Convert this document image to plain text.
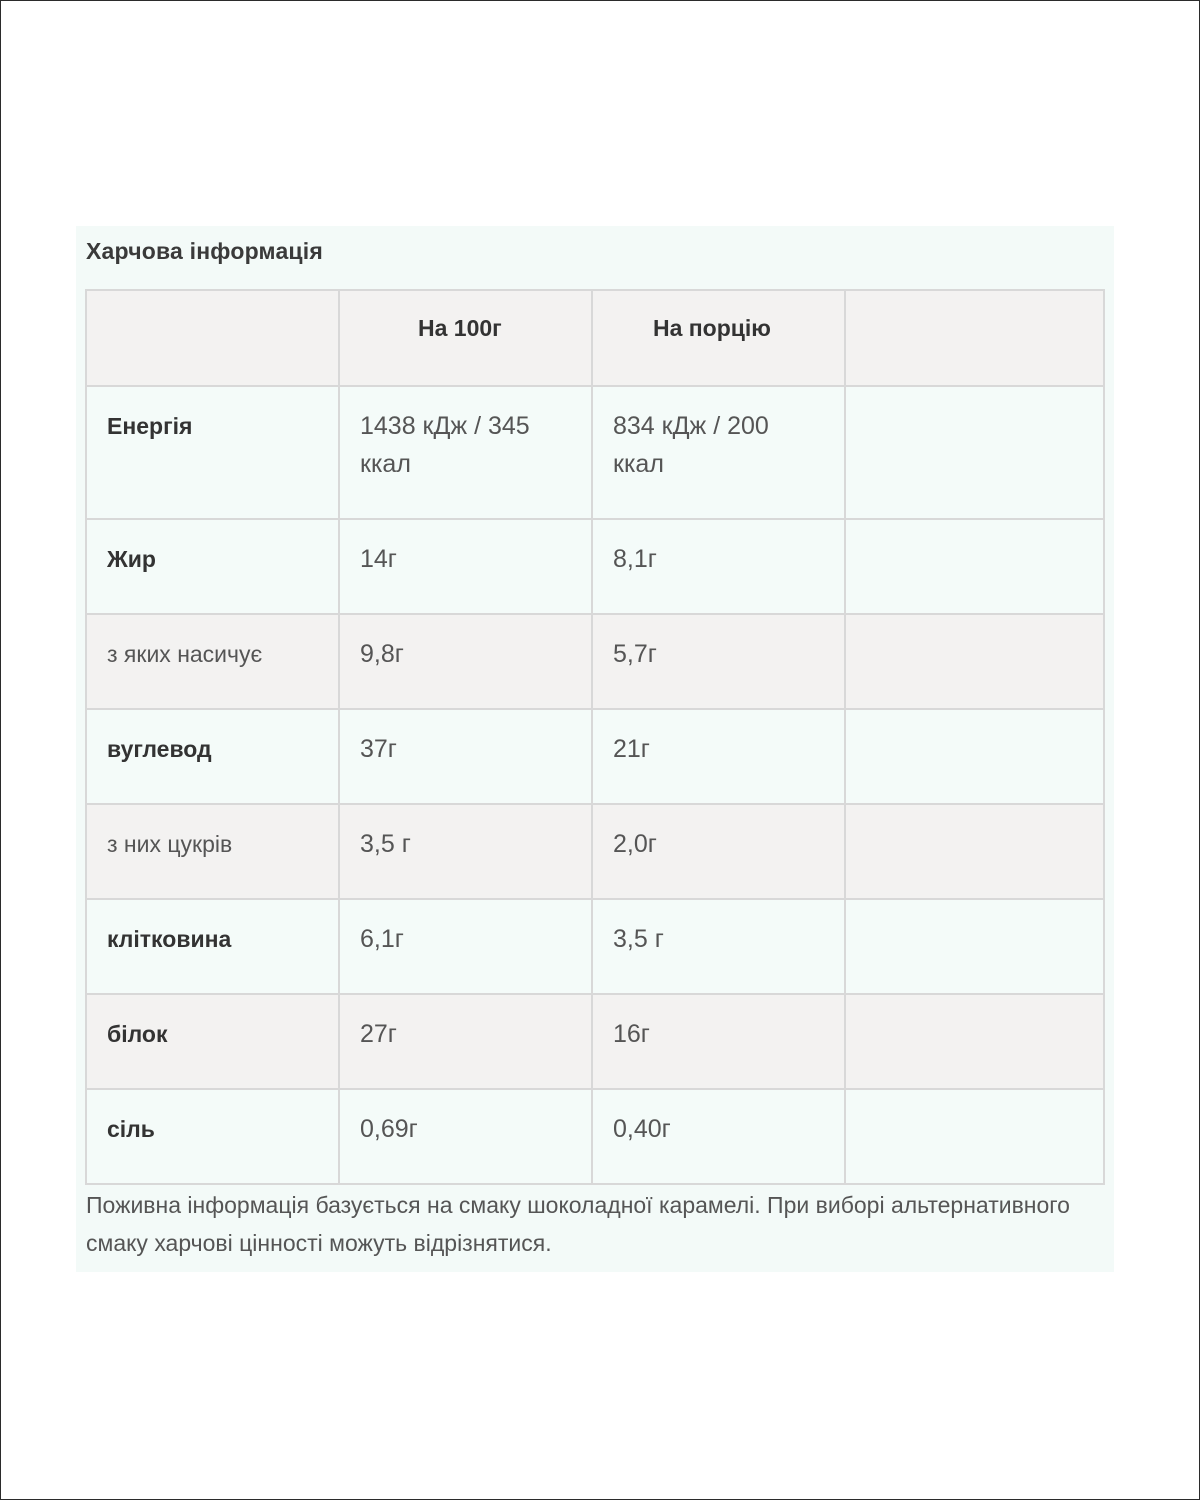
Харчова інформація

	На 100г	На порцію	

Енергія	1438 кДж / 345 ккал	834 кДж / 200 ккал	

Жир	14г	8,1г	

з яких насичує	9,8г	5,7г	

вуглевод	37г	21г	

з них цукрів	3,5 г	2,0г	

клітковина	6,1г	3,5 г	

білок	27г	16г	

сіль	0,69г	0,40г	

Поживна інформація базується на смаку шоколадної карамелі. При виборі альтернативного смаку харчові цінності можуть відрізнятися.
